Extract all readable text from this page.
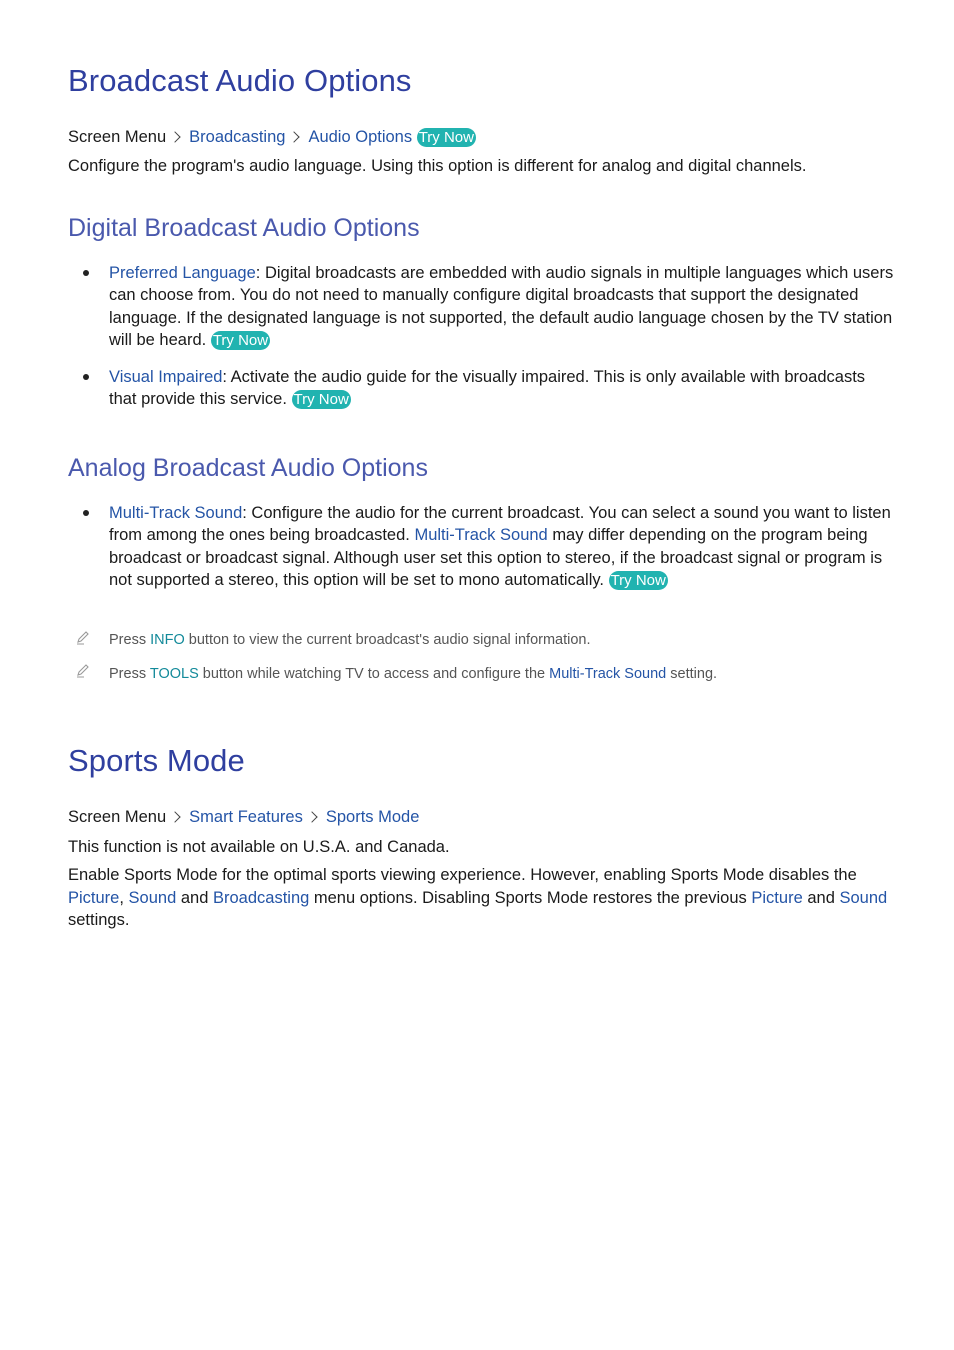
Broadcast Audio Options

Screen Menu Broadcasting Audio Options Try Now

Configure the program's audio language. Using this option is different for analog and digital channels.

Digital Broadcast Audio Options

Preferred Language: Digital broadcasts are embedded with audio signals in multiple languages which users can choose from. You do not need to manually configure digital broadcasts that support the designated language. If the designated language is not supported, the default audio language chosen by the TV station will be heard. Try Now

Visual Impaired: Activate the audio guide for the visually impaired. This is only available with broadcasts that provide this service. Try Now

Analog Broadcast Audio Options

Multi-Track Sound: Configure the audio for the current broadcast. You can select a sound you want to listen from among the ones being broadcasted. Multi-Track Sound may differ depending on the program being broadcast or broadcast signal. Although user set this option to stereo, if the broadcast signal or program is not supported a stereo, this option will be set to mono automatically. Try Now

Press INFO button to view the current broadcast's audio signal information.

Press TOOLS button while watching TV to access and configure the Multi-Track Sound setting.

Sports Mode

Screen Menu Smart Features Sports Mode

This function is not available on U.S.A. and Canada.

Enable Sports Mode for the optimal sports viewing experience. However, enabling Sports Mode disables the Picture, Sound and Broadcasting menu options. Disabling Sports Mode restores the previous Picture and Sound settings.
